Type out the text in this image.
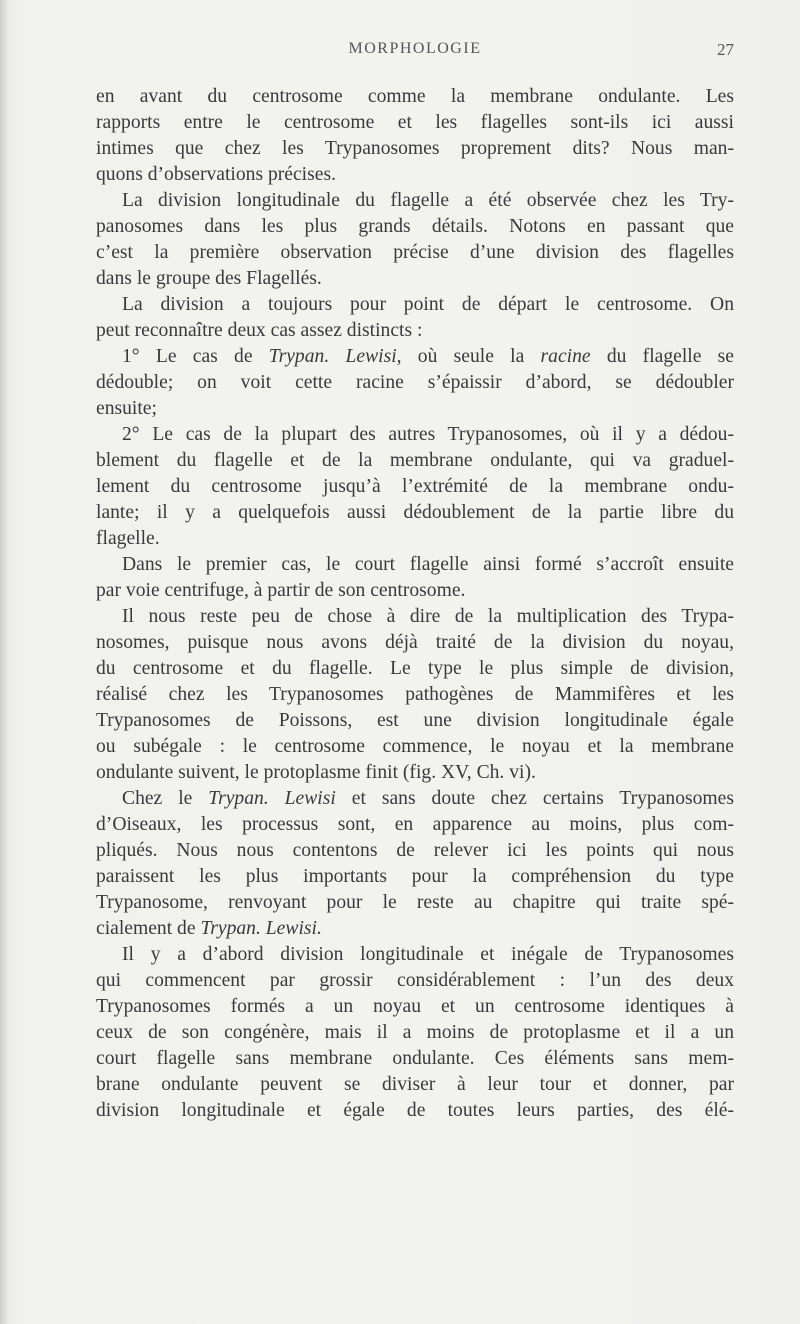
MORPHOLOGIE	27
en avant du centrosome comme la membrane ondulante. Les
rapports entre le centrosome et les flagelles sont-ils ici aussi
intimes que chez les Trypanosomes proprement dits? Nous man-
quons d’observations précises.
La division longitudinale du flagelle a été observée chez les Try-
panosomes dans les plus grands détails. Notons en passant que
c’est la première observation précise d’une division des flagelles
dans le groupe des Flagellés.
La division a toujours pour point de départ le centrosome. On
peut reconnaître deux cas assez distincts :
1° Le cas de Trypan. Lewisi, où seule la racine du flagelle se
dédouble; on voit cette racine s’épaissir d’abord, se dédoubler
ensuite;
2° Le cas de la plupart des autres Trypanosomes, où il y a dédou-
blement du flagelle et de la membrane ondulante, qui va graduel-
lement du centrosome jusqu’à l’extrémité de la membrane ondu-
lante; il y a quelquefois aussi dédoublement de la partie libre du
flagelle.
Dans le premier cas, le court flagelle ainsi formé s’accroît ensuite
par voie centrifuge, à partir de son centrosome.
Il nous reste peu de chose à dire de la multiplication des Trypa-
nosomes, puisque nous avons déjà traité de la division du noyau,
du centrosome et du flagelle. Le type le plus simple de division,
réalisé chez les Trypanosomes pathogènes de Mammifères et les
Trypanosomes de Poissons, est une division longitudinale égale
ou subégale : le centrosome commence, le noyau et la membrane
ondulante suivent, le protoplasme finit (fig. XV, Ch. vi).
Chez le Trypan. Lewisi et sans doute chez certains Trypanosomes
d’Oiseaux, les processus sont, en apparence au moins, plus com-
pliqués. Nous nous contentons de relever ici les points qui nous
paraissent les plus importants pour la compréhension du type
Trypanosome, renvoyant pour le reste au chapitre qui traite spé-
cialement de Trypan. Lewisi.
Il y a d’abord division longitudinale et inégale de Trypanosomes
qui commencent par grossir considérablement : l’un des deux
Trypanosomes formés a un noyau et un centrosome identiques à
ceux de son congénère, mais il a moins de protoplasme et il a un
court flagelle sans membrane ondulante. Ces éléments sans mem-
brane ondulante peuvent se diviser à leur tour et donner, par
division longitudinale et égale de toutes leurs parties, des élé-
